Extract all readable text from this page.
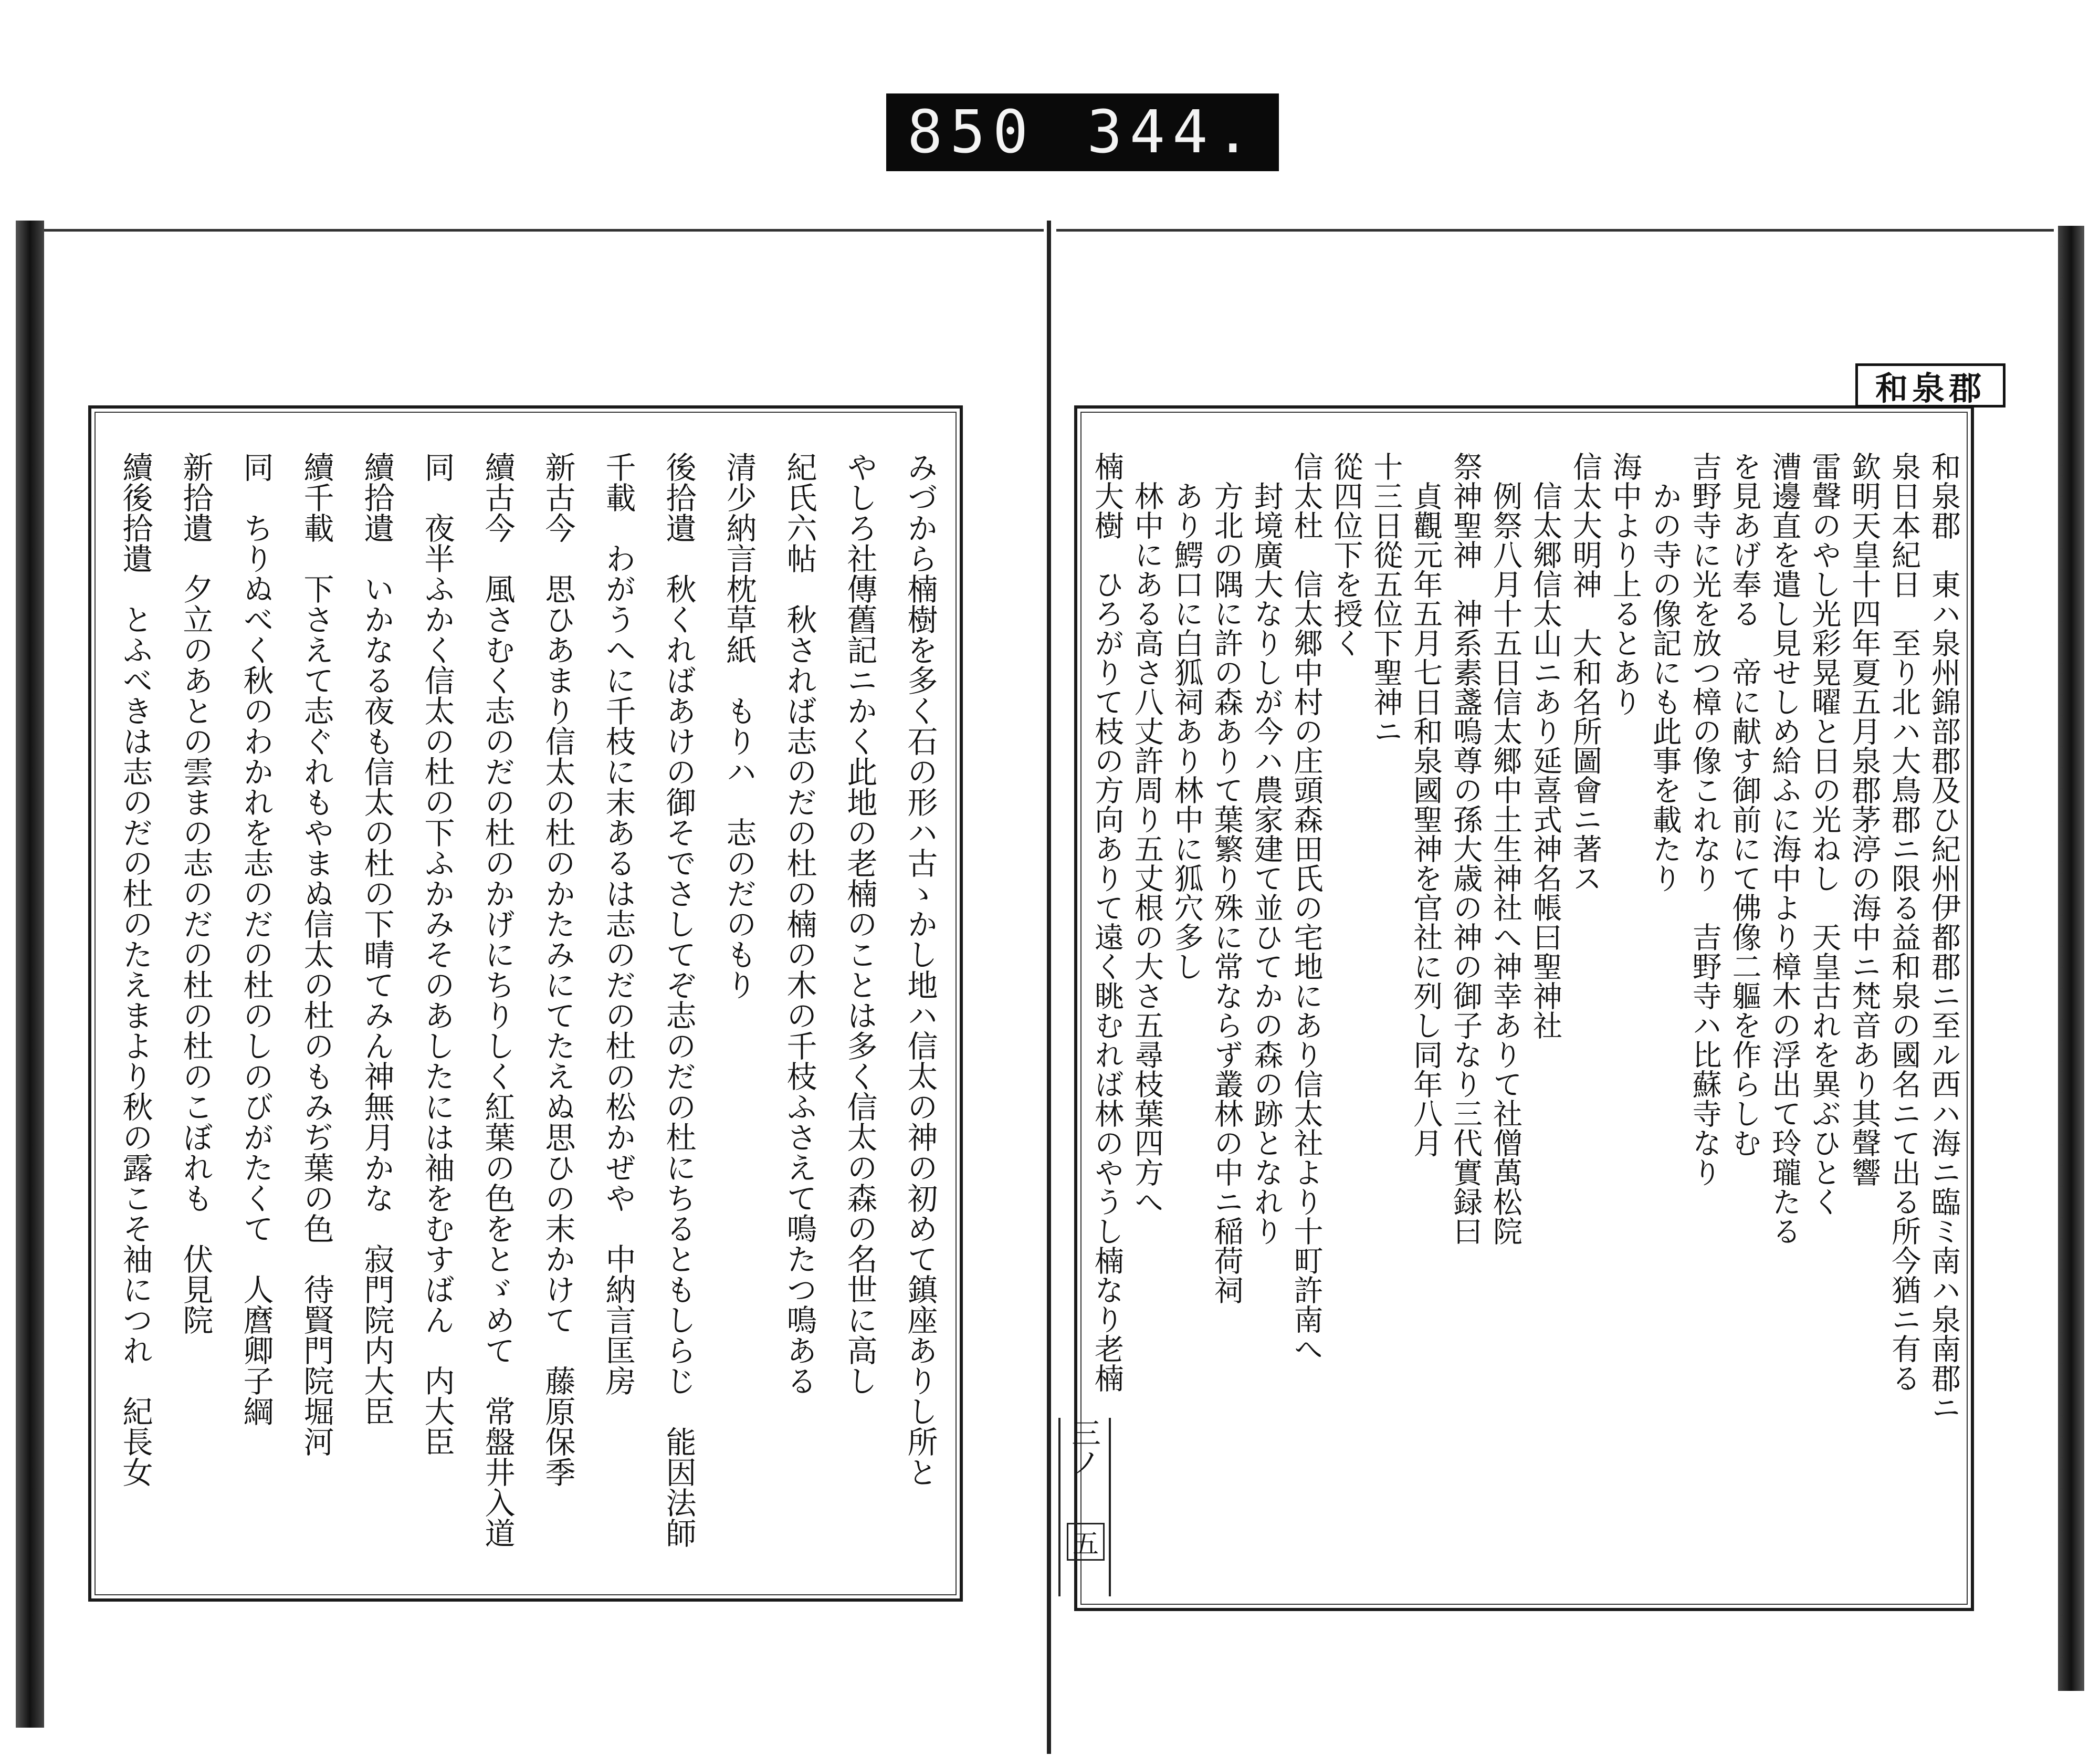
850 344.
和泉郡
和泉郡　東ハ泉州錦部郡及ひ紀州伊都郡ニ至ル西ハ海ニ臨ミ南ハ泉南郡ニ
泉日本紀日　至り北ハ大鳥郡ニ限る益和泉の國名ニて出る所今猶ニ有る
欽明天皇十四年夏五月泉郡茅渟の海中ニ梵音あり其聲響
雷聲のやし光彩晃曜と日の光ねし　天皇古れを異ぶひとく
漕邊直を遣し見せしめ給ふに海中より樟木の浮出て玲瓏たる
を見あげ奉る　帝に献す御前にて佛像二軀を作らしむ
吉野寺に光を放つ樟の像これなり　吉野寺ハ比蘇寺なり
　かの寺の像記にも此事を載たり
海中より上るとあり
信太大明神　大和名所圖會ニ著ス
　信太郷信太山ニあり延喜式神名帳曰聖神社
　例祭八月十五日信太郷中土生神社へ神幸ありて社僧萬松院
祭神聖神　神系素盞嗚尊の孫大歳の神の御子なり三代實録曰
　貞觀元年五月七日和泉國聖神を官社に列し同年八月
十三日從五位下聖神ニ
從四位下を授く
信太杜　信太郷中村の庄頭森田氏の宅地にあり信太社より十町許南へ
　封境廣大なりしが今ハ農家建て並ひてかの森の跡となれり
　方北の隅に許の森ありて葉繁り殊に常ならず叢林の中ニ稲荷祠
　あり鰐口に白狐祠あり林中に狐穴多し
　林中にある高さ八丈許周り五丈根の大さ五尋枝葉四方へ
楠大樹　ひろがりて枝の方向ありて遠く眺むれば林のやうし楠なり老楠
みづから楠樹を多く石の形ハ古ゝかし地ハ信太の神の初めて鎮座ありし所と
やしろ社傳舊記ニかく此地の老楠のことは多く信太の森の名世に高し
紀氏六帖　秋されば志のだの杜の楠の木の千枝ふさえて鳴たつ鳴ある
清少納言枕草紙　もりハ　志のだのもり
後拾遺　秋くればあけの御そでさしてぞ志のだの杜にちるともしらじ　能因法師
千載　わがうへに千枝に末あるは志のだの杜の松かぜや　中納言匡房
新古今　思ひあまり信太の杜のかたみにてたえぬ思ひの末かけて　藤原保季
續古今　風さむく志のだの杜のかげにちりしく紅葉の色をとゞめて　常盤井入道
同　夜半ふかく信太の杜の下ふかみそのあしたには袖をむすばん　内大臣
續拾遺　いかなる夜も信太の杜の下晴てみん神無月かな　寂門院内大臣
續千載　下さえて志ぐれもやまぬ信太の杜のもみぢ葉の色　待賢門院堀河
同　ちりぬべく秋のわかれを志のだの杜のしのびがたくて　人麿卿子綱
新拾遺　夕立のあとの雲まの志のだの杜の杜のこぼれも　伏見院
續後拾遺　とふべきは志のだの杜のたえまより秋の露こそ袖につれ　紀長女	三ノ
五
